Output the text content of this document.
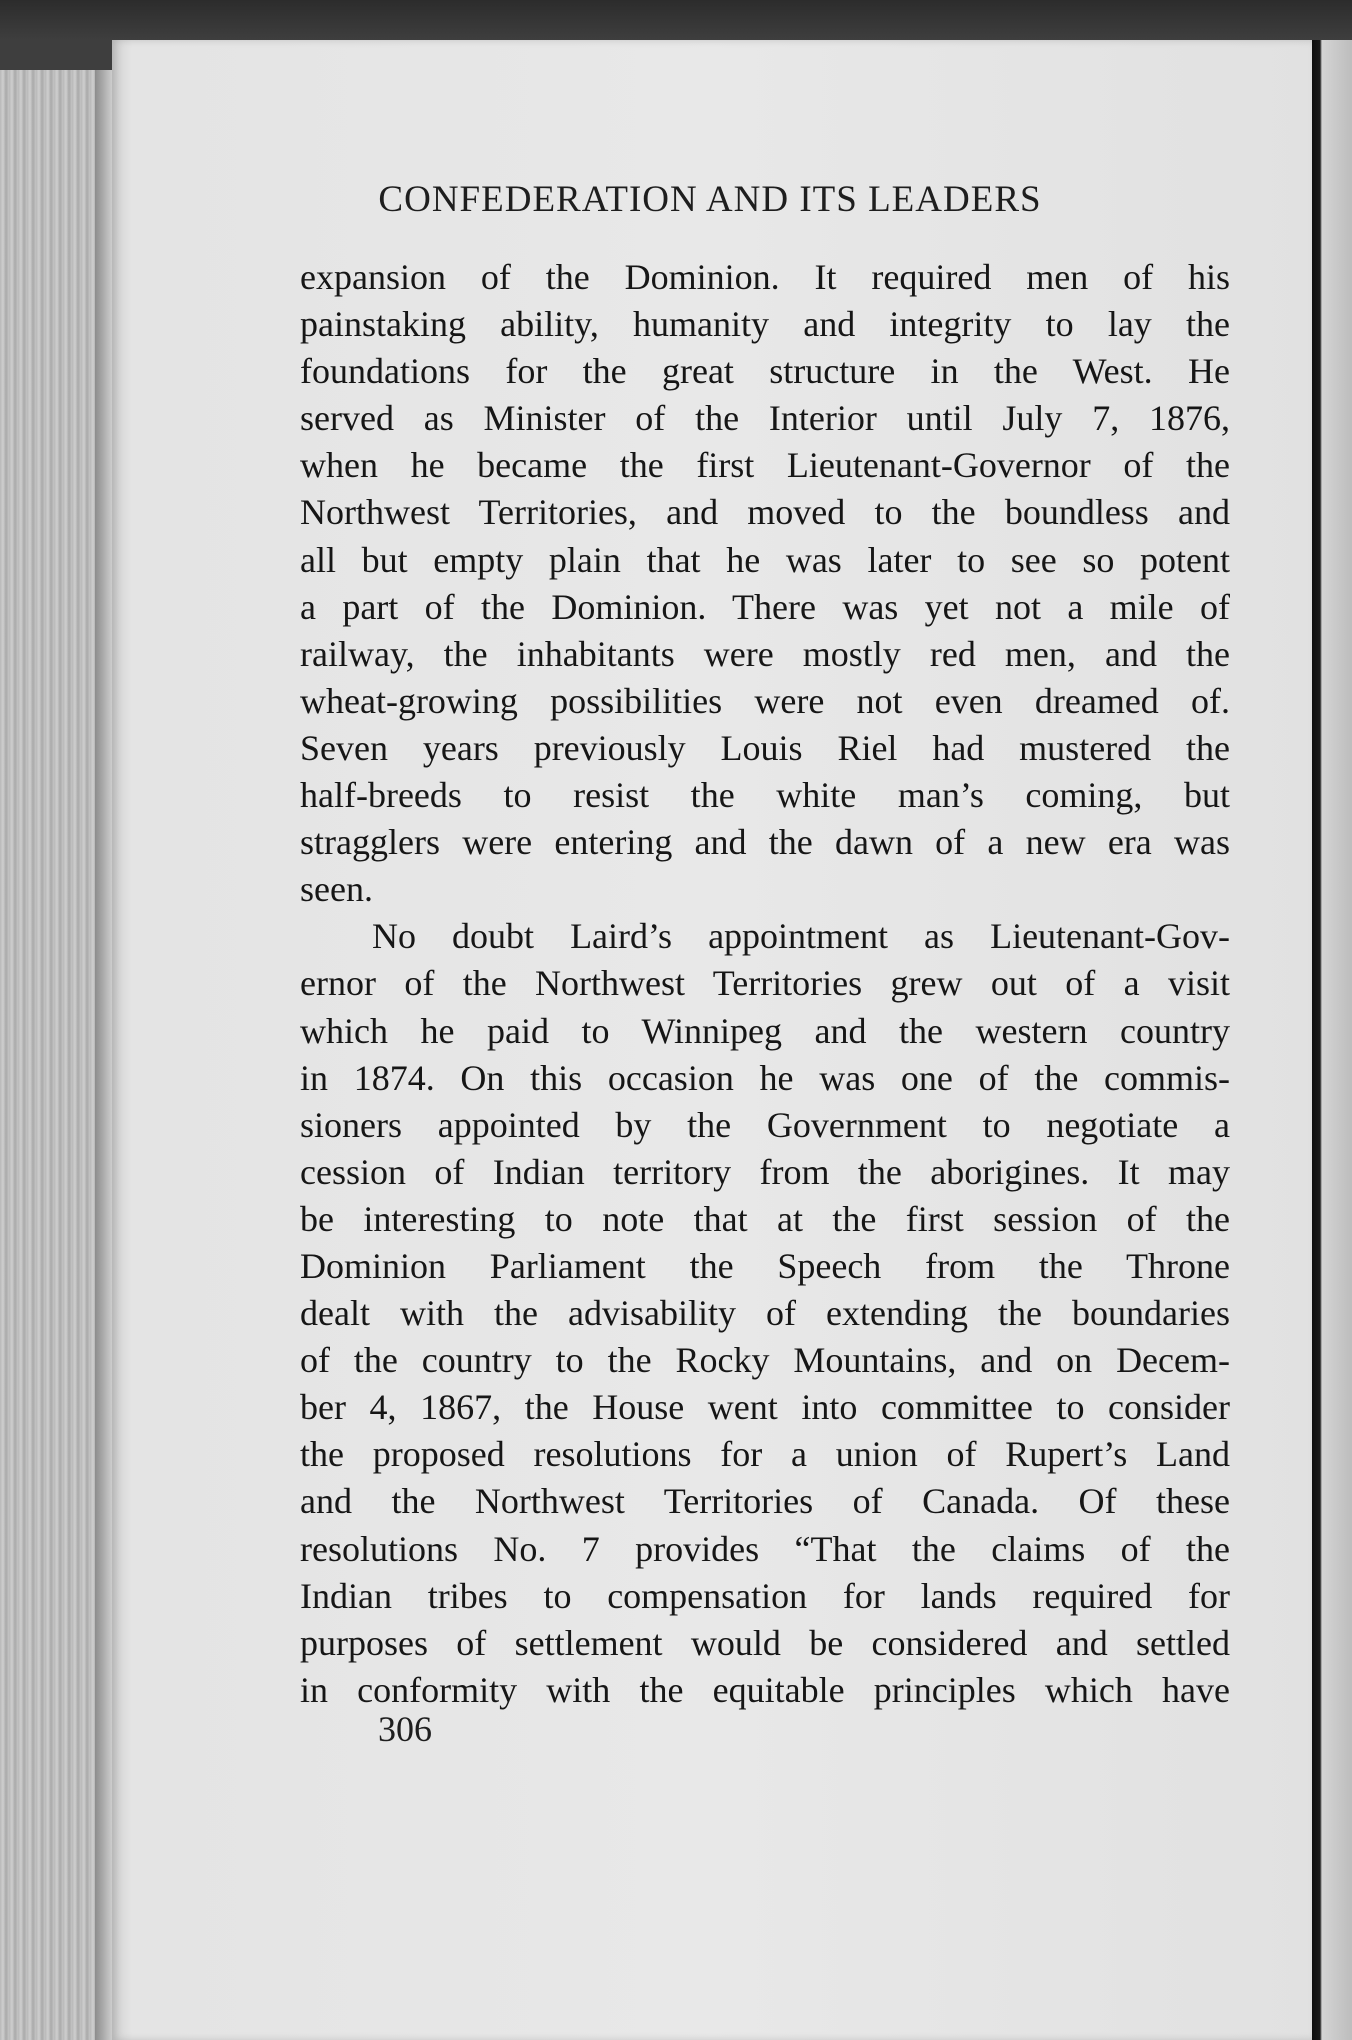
CONFEDERATION AND ITS LEADERS
expansion of the Dominion. It required men of his
painstaking ability, humanity and integrity to lay the
foundations for the great structure in the West. He
served as Minister of the Interior until July 7, 1876,
when he became the first Lieutenant-Governor of the
Northwest Territories, and moved to the boundless and
all but empty plain that he was later to see so potent
a part of the Dominion. There was yet not a mile of
railway, the inhabitants were mostly red men, and the
wheat-growing possibilities were not even dreamed of.
Seven years previously Louis Riel had mustered the
half-breeds to resist the white man’s coming, but
stragglers were entering and the dawn of a new era was
seen.
No doubt Laird’s appointment as Lieutenant-Gov-
ernor of the Northwest Territories grew out of a visit
which he paid to Winnipeg and the western country
in 1874. On this occasion he was one of the commis-
sioners appointed by the Government to negotiate a
cession of Indian territory from the aborigines. It may
be interesting to note that at the first session of the
Dominion Parliament the Speech from the Throne
dealt with the advisability of extending the boundaries
of the country to the Rocky Mountains, and on Decem-
ber 4, 1867, the House went into committee to consider
the proposed resolutions for a union of Rupert’s Land
and the Northwest Territories of Canada. Of these
resolutions No. 7 provides “That the claims of the
Indian tribes to compensation for lands required for
purposes of settlement would be considered and settled
in conformity with the equitable principles which have
306
